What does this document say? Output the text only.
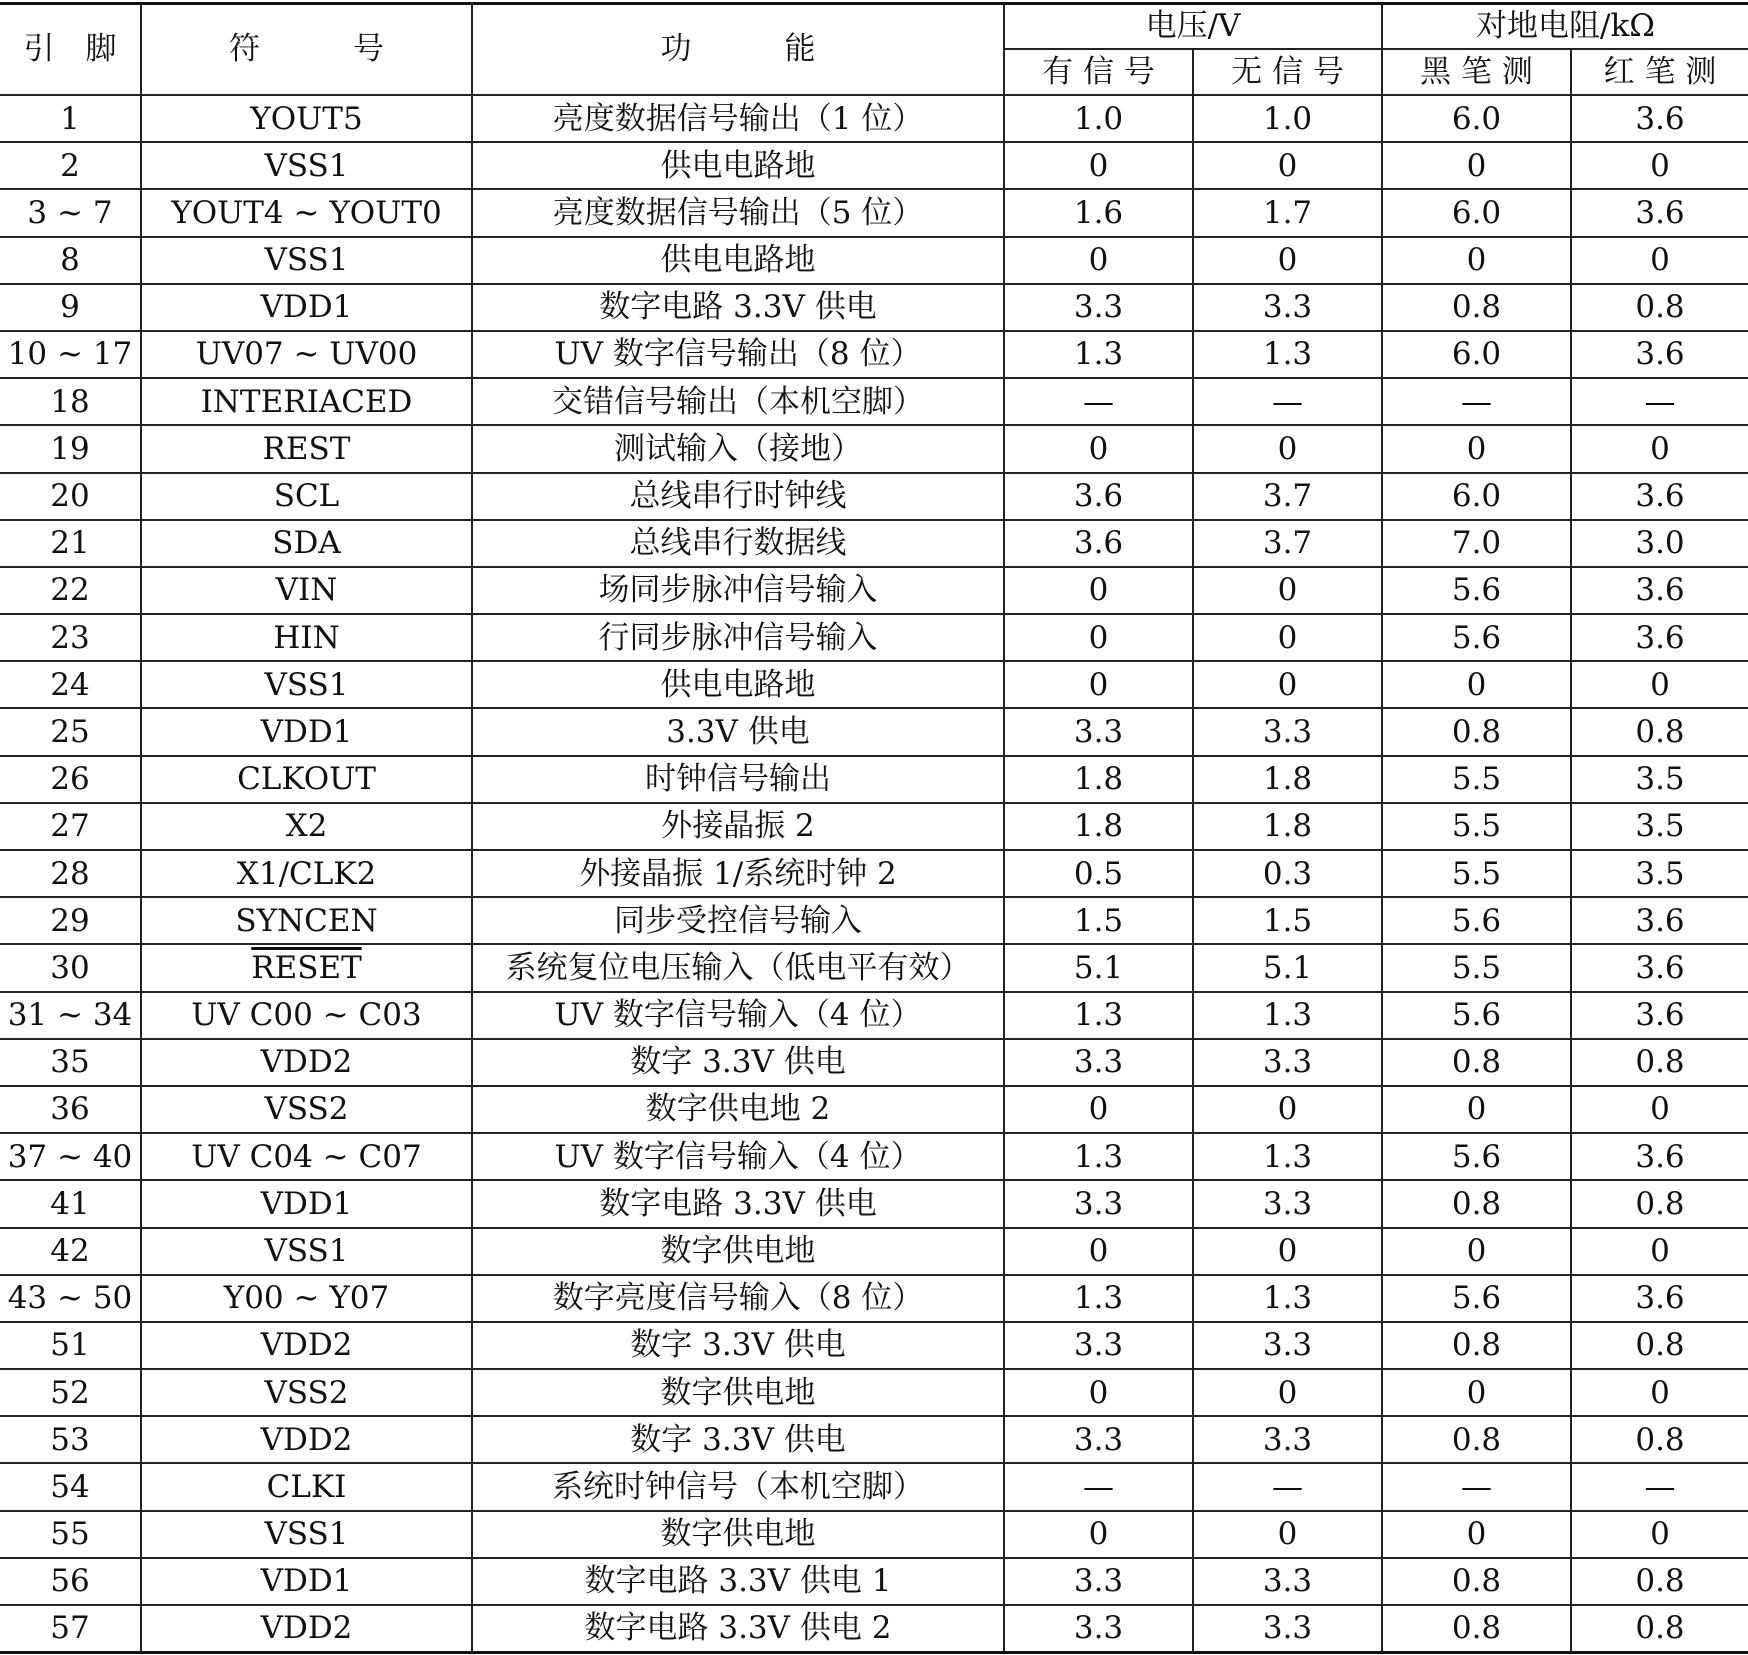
引　脚	符　　　号	功　　　能	电压/V		对地电阻/kΩ	
			有 信 号	无 信 号	黑 笔 测	红 笔 测
1	YOUT5	亮度数据信号输出（1 位）	1.0	1.0	6.0	3.6
2	VSS1	供电电路地	0	0	0	0
3 ~ 7	YOUT4 ~ YOUT0	亮度数据信号输出（5 位）	1.6	1.7	6.0	3.6
8	VSS1	供电电路地	0	0	0	0
9	VDD1	数字电路 3.3V 供电	3.3	3.3	0.8	0.8
10 ~ 17	UV07 ~ UV00	UV 数字信号输出（8 位）	1.3	1.3	6.0	3.6
18	INTERIACED	交错信号输出（本机空脚）	—	—	—	—
19	REST	测试输入（接地）	0	0	0	0
20	SCL	总线串行时钟线	3.6	3.7	6.0	3.6
21	SDA	总线串行数据线	3.6	3.7	7.0	3.0
22	VIN	场同步脉冲信号输入	0	0	5.6	3.6
23	HIN	行同步脉冲信号输入	0	0	5.6	3.6
24	VSS1	供电电路地	0	0	0	0
25	VDD1	3.3V 供电	3.3	3.3	0.8	0.8
26	CLKOUT	时钟信号输出	1.8	1.8	5.5	3.5
27	X2	外接晶振 2	1.8	1.8	5.5	3.5
28	X1/CLK2	外接晶振 1/系统时钟 2	0.5	0.3	5.5	3.5
29	SYNCEN	同步受控信号输入	1.5	1.5	5.6	3.6
30	RESET	系统复位电压输入（低电平有效）	5.1	5.1	5.5	3.6
31 ~ 34	UV C00 ~ C03	UV 数字信号输入（4 位）	1.3	1.3	5.6	3.6
35	VDD2	数字 3.3V 供电	3.3	3.3	0.8	0.8
36	VSS2	数字供电地 2	0	0	0	0
37 ~ 40	UV C04 ~ C07	UV 数字信号输入（4 位）	1.3	1.3	5.6	3.6
41	VDD1	数字电路 3.3V 供电	3.3	3.3	0.8	0.8
42	VSS1	数字供电地	0	0	0	0
43 ~ 50	Y00 ~ Y07	数字亮度信号输入（8 位）	1.3	1.3	5.6	3.6
51	VDD2	数字 3.3V 供电	3.3	3.3	0.8	0.8
52	VSS2	数字供电地	0	0	0	0
53	VDD2	数字 3.3V 供电	3.3	3.3	0.8	0.8
54	CLKI	系统时钟信号（本机空脚）	—	—	—	—
55	VSS1	数字供电地	0	0	0	0
56	VDD1	数字电路 3.3V 供电 1	3.3	3.3	0.8	0.8
57	VDD2	数字电路 3.3V 供电 2	3.3	3.3	0.8	0.8
